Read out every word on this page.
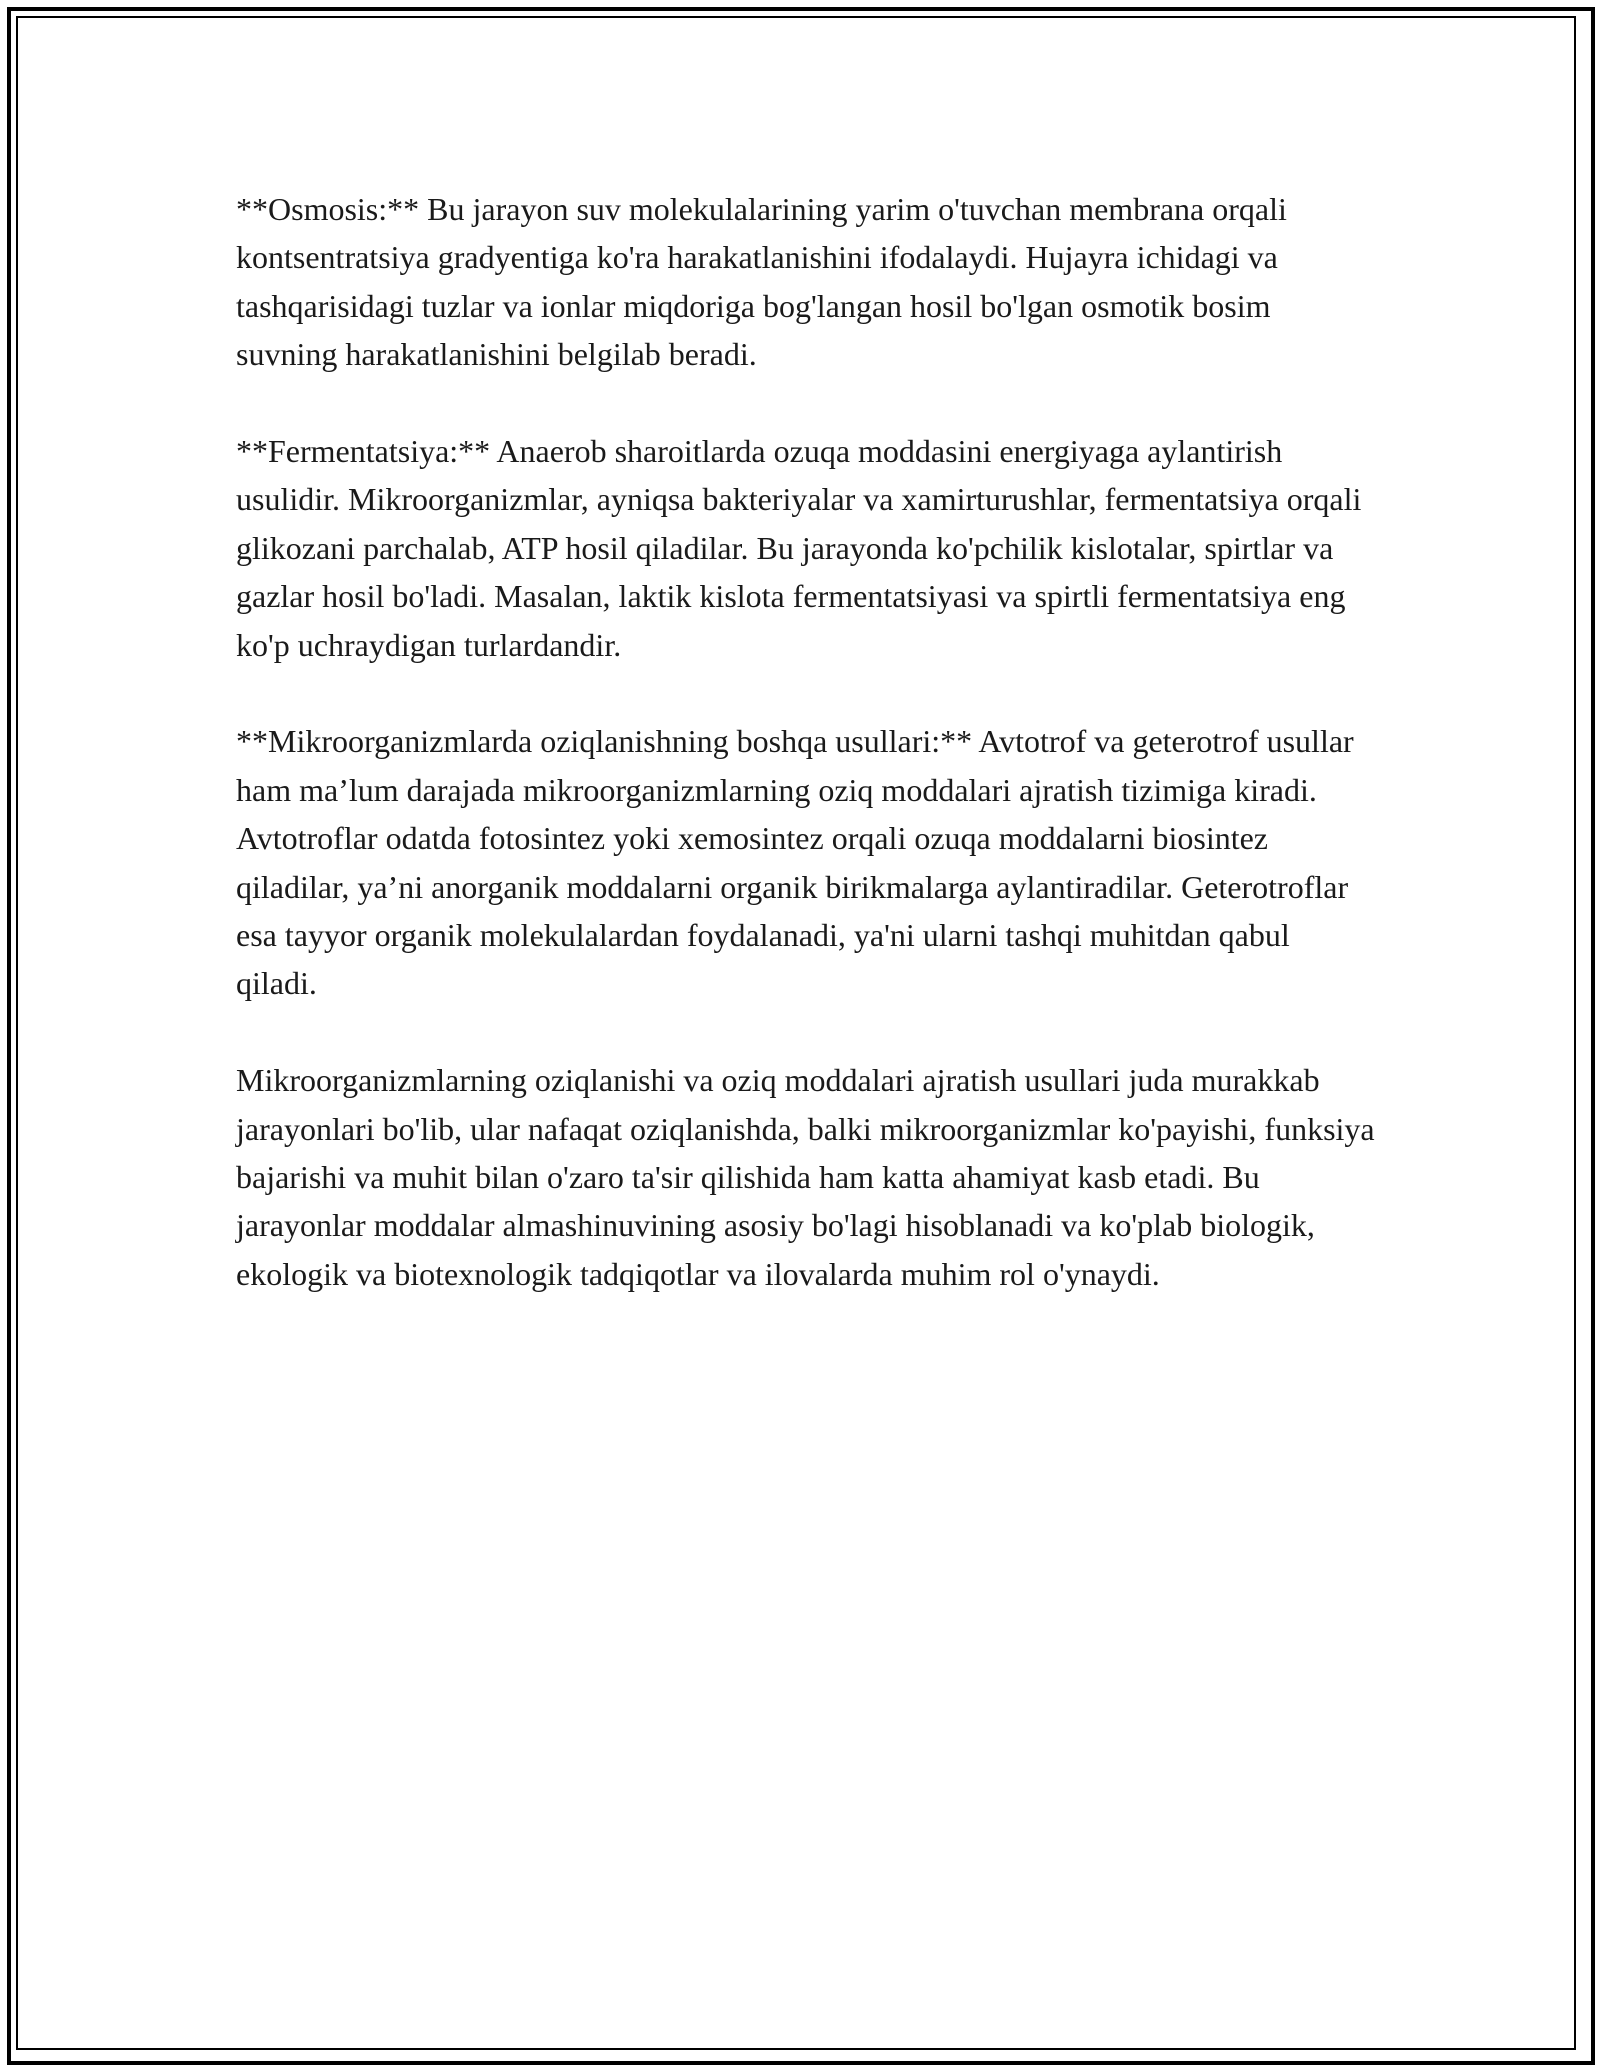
**Osmosis:** Bu jarayon suv molekulalarining yarim o'tuvchan membrana orqali kontsentratsiya gradyentiga ko'ra harakatlanishini ifodalaydi. Hujayra ichidagi va tashqarisidagi tuzlar va ionlar miqdoriga bog'langan hosil bo'lgan osmotik bosim suvning harakatlanishini belgilab beradi.

**Fermentatsiya:** Anaerob sharoitlarda ozuqa moddasini energiyaga aylantirish usulidir. Mikroorganizmlar, ayniqsa bakteriyalar va xamirturushlar, fermentatsiya orqali glikozani parchalab, ATP hosil qiladilar. Bu jarayonda ko'pchilik kislotalar, spirtlar va gazlar hosil bo'ladi. Masalan, laktik kislota fermentatsiyasi va spirtli fermentatsiya eng ko'p uchraydigan turlardandir.

**Mikroorganizmlarda oziqlanishning boshqa usullari:** Avtotrof va geterotrof usullar ham ma’lum darajada mikroorganizmlarning oziq moddalari ajratish tizimiga kiradi. Avtotroflar odatda fotosintez yoki xemosintez orqali ozuqa moddalarni biosintez qiladilar, ya’ni anorganik moddalarni organik birikmalarga aylantiradilar. Geterotroflar esa tayyor organik molekulalardan foydalanadi, ya'ni ularni tashqi muhitdan qabul qiladi.

Mikroorganizmlarning oziqlanishi va oziq moddalari ajratish usullari juda murakkab jarayonlari bo'lib, ular nafaqat oziqlanishda, balki mikroorganizmlar ko'payishi, funksiya bajarishi va muhit bilan o'zaro ta'sir qilishida ham katta ahamiyat kasb etadi. Bu jarayonlar moddalar almashinuvining asosiy bo'lagi hisoblanadi va ko'plab biologik, ekologik va biotexnologik tadqiqotlar va ilovalarda muhim rol o'ynaydi.
